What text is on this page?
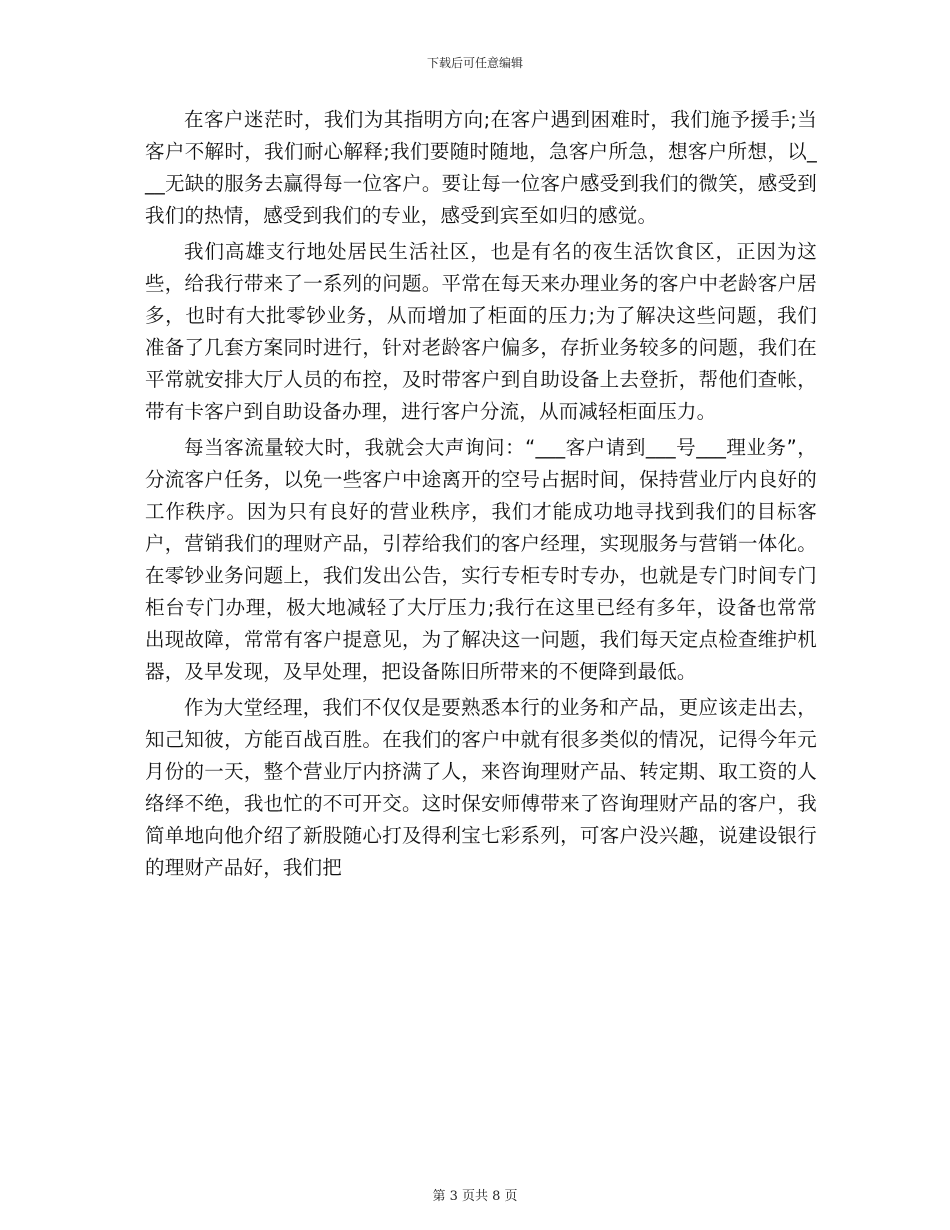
下载后可任意编辑

在客户迷茫时，我们为其指明方向;在客户遇到困难时，我们施予援手;当客户不解时，我们耐心解释;我们要随时随地，急客户所急，想客户所想，以___无缺的服务去赢得每一位客户。要让每一位客户感受到我们的微笑，感受到我们的热情，感受到我们的专业，感受到宾至如归的感觉。

我们高雄支行地处居民生活社区，也是有名的夜生活饮食区，正因为这些，给我行带来了一系列的问题。平常在每天来办理业务的客户中老龄客户居多，也时有大批零钞业务，从而增加了柜面的压力;为了解决这些问题，我们准备了几套方案同时进行，针对老龄客户偏多，存折业务较多的问题，我们在平常就安排大厅人员的布控，及时带客户到自助设备上去登折，帮他们查帐，带有卡客户到自助设备办理，进行客户分流，从而减轻柜面压力。

每当客流量较大时，我就会大声询问：“___客户请到___号___理业务”，分流客户任务，以免一些客户中途离开的空号占据时间，保持营业厅内良好的工作秩序。因为只有良好的营业秩序，我们才能成功地寻找到我们的目标客户，营销我们的理财产品，引荐给我们的客户经理，实现服务与营销一体化。在零钞业务问题上，我们发出公告，实行专柜专时专办，也就是专门时间专门柜台专门办理，极大地减轻了大厅压力;我行在这里已经有多年，设备也常常出现故障，常常有客户提意见，为了解决这一问题，我们每天定点检查维护机器，及早发现，及早处理，把设备陈旧所带来的不便降到最低。

作为大堂经理，我们不仅仅是要熟悉本行的业务和产品，更应该走出去，知己知彼，方能百战百胜。在我们的客户中就有很多类似的情况，记得今年元月份的一天，整个营业厅内挤满了人，来咨询理财产品、转定期、取工资的人络绎不绝，我也忙的不可开交。这时保安师傅带来了咨询理财产品的客户，我简单地向他介绍了新股随心打及得利宝七彩系列，可客户没兴趣，说建设银行的理财产品好，我们把

第 3 页共 8 页
